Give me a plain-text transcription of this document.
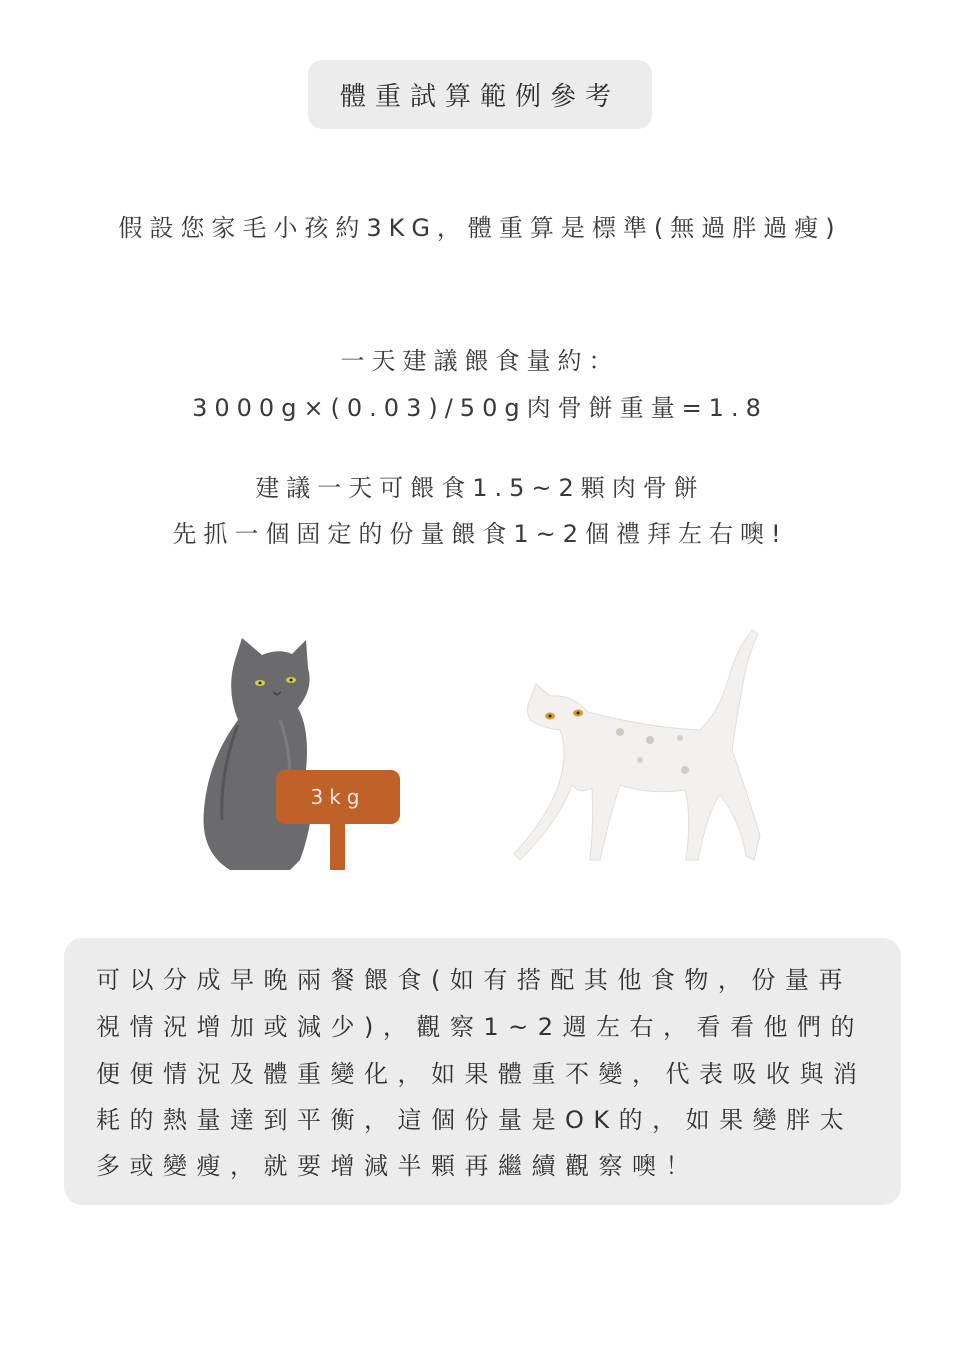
體重試算範例參考
假設您家毛小孩約3KG，體重算是標準(無過胖過瘦)
一天建議餵食量約：
3000g×(0.03)/50g肉骨餅重量=1.8
建議一天可餵食1.5~2顆肉骨餅
先抓一個固定的份量餵食1~2個禮拜左右噢!
3kg
可以分成早晚兩餐餵食(如有搭配其他食物，份量再
視情況增加或減少)，觀察1~2週左右，看看他們的
便便情況及體重變化，如果體重不變，代表吸收與消
耗的熱量達到平衡，這個份量是OK的，如果變胖太
多或變瘦，就要增減半顆再繼續觀察噢！
